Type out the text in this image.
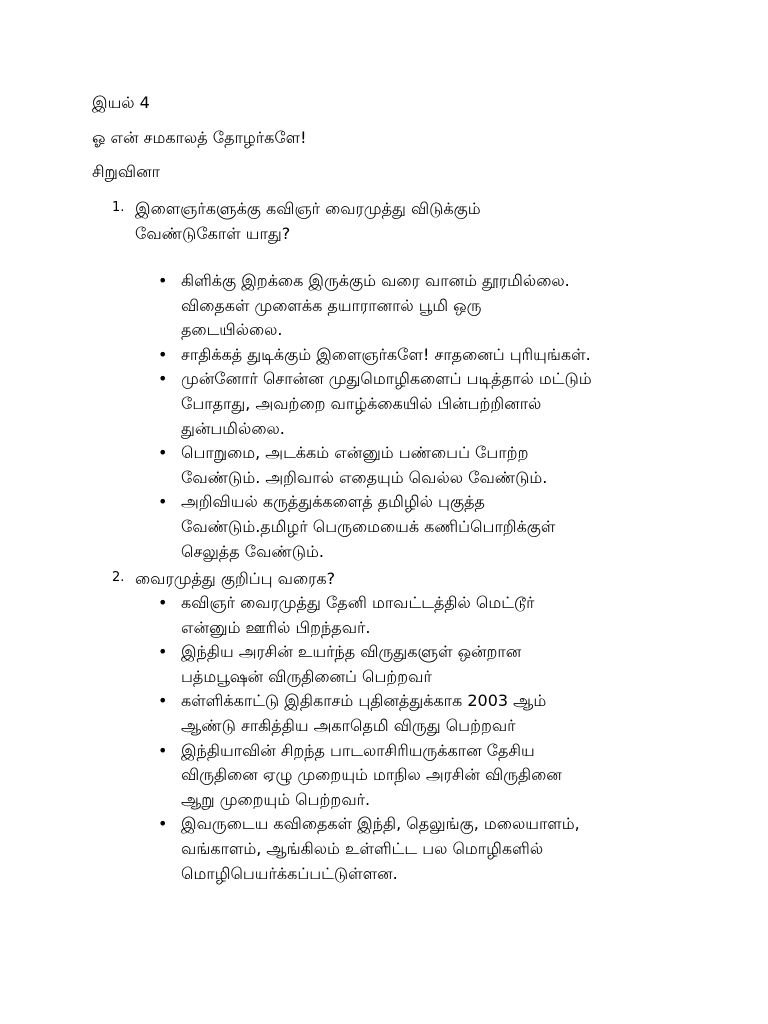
இயல் 4
ஓ என் சமகாலத் தோழர்களே!
சிறுவினா
1. இளைஞர்களுக்கு கவிஞர் வைரமுத்து விடுக்கும்
வேண்டுகோள் யாது?
• கிளிக்கு இறக்கை இருக்கும் வரை வானம் தூரமில்லை.
விதைகள் முளைக்க தயாரானால் பூமி ஒரு
தடையில்லை.
• சாதிக்கத் துடிக்கும் இளைஞர்களே! சாதனைப் புரியுங்கள்.
• முன்னோர் சொன்ன முதுமொழிகளைப் படித்தால் மட்டும்
போதாது, அவற்றை வாழ்க்கையில் பின்பற்றினால்
துன்பமில்லை.
• பொறுமை, அடக்கம் என்னும் பண்பைப் போற்ற
வேண்டும். அறிவால் எதையும் வெல்ல வேண்டும்.
• அறிவியல் கருத்துக்களைத் தமிழில் புகுத்த
வேண்டும்.தமிழர் பெருமையைக் கணிப்பொறிக்குள்
செலுத்த வேண்டும்.
2. வைரமுத்து குறிப்பு வரைக?
• கவிஞர் வைரமுத்து தேனி மாவட்டத்தில் மெட்டூர்
என்னும் ஊரில் பிறந்தவர்.
• இந்திய அரசின் உயர்ந்த விருதுகளுள் ஒன்றான
பத்மபூஷன் விருதினைப் பெற்றவர்
• கள்ளிக்காட்டு இதிகாசம் புதினத்துக்காக 2003 ஆம்
ஆண்டு சாகித்திய அகாதெமி விருது பெற்றவர்
• இந்தியாவின் சிறந்த பாடலாசிரியருக்கான தேசிய
விருதினை ஏழு முறையும் மாநில அரசின் விருதினை
ஆறு முறையும் பெற்றவர்.
• இவருடைய கவிதைகள் இந்தி, தெலுங்கு, மலையாளம்,
வங்காளம், ஆங்கிலம் உள்ளிட்ட பல மொழிகளில்
மொழிபெயர்க்கப்பட்டுள்ளன.
